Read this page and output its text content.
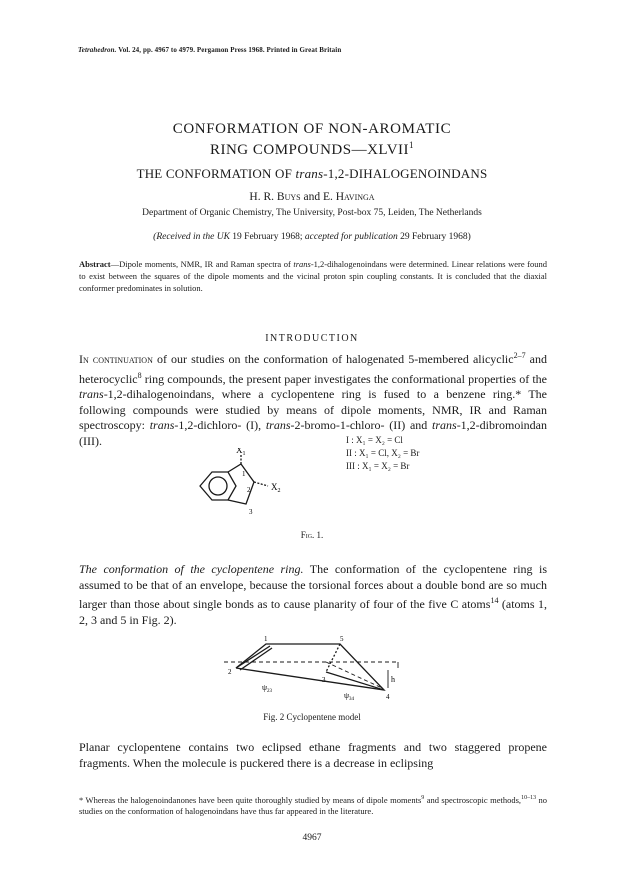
Tetrahedron. Vol. 24, pp. 4967 to 4979. Pergamon Press 1968. Printed in Great Britain
CONFORMATION OF NON-AROMATIC
RING COMPOUNDS—XLVII$^1$
THE CONFORMATION OF trans-1,2-DIHALOGENOINDANS
H. R. Buys and E. Havinga
Department of Organic Chemistry, The University, Post-box 75, Leiden, The Netherlands
(Received in the UK 19 February 1968; accepted for publication 29 February 1968)
Abstract—Dipole moments, NMR, IR and Raman spectra of trans-1,2-dihalogenoindans were determined. Linear relations were found to exist between the squares of the dipole moments and the vicinal proton spin coupling constants. It is concluded that the diaxial conformer predominates in solution.
INTRODUCTION
In continuation of our studies on the conformation of halogenated 5-membered alicyclic$^{2-7}$ and heterocyclic$^8$ ring compounds, the present paper investigates the conformational properties of the trans-1,2-dihalogenoindans, where a cyclopentene ring is fused to a benzene ring.* The following compounds were studied by means of dipole moments, NMR, IR and Raman spectroscopy: trans-1,2-dichloro- (I), trans-2-bromo-1-chloro- (II) and trans-1,2-dibromoindan (III).
$X_1$
$X_2$
1
2
3
I : X₁ = X₂ = Cl
II : X₁ = Cl, X₂ = Br
III : X₁ = X₂ = Br
Fig. 1.
The conformation of the cyclopentene ring. The conformation of the cyclopentene ring is assumed to be that of an envelope, because the torsional forces about a double bond are so much larger than those about single bonds as to cause planarity of four of the five C atoms$^{14}$ (atoms 1, 2, 3 and 5 in Fig. 2).
1	5
2
3
4
h
$\psi_{23}$	$\psi_{34}$
Fig. 2 Cyclopentene model
Planar cyclopentene contains two eclipsed ethane fragments and two staggered propene fragments. When the molecule is puckered there is a decrease in eclipsing
* Whereas the halogenoindanones have been quite thoroughly studied by means of dipole moments$^9$ and spectroscopic methods,$^{10-13}$ no studies on the conformation of halogenoindans have thus far appeared in the literature.
4967
